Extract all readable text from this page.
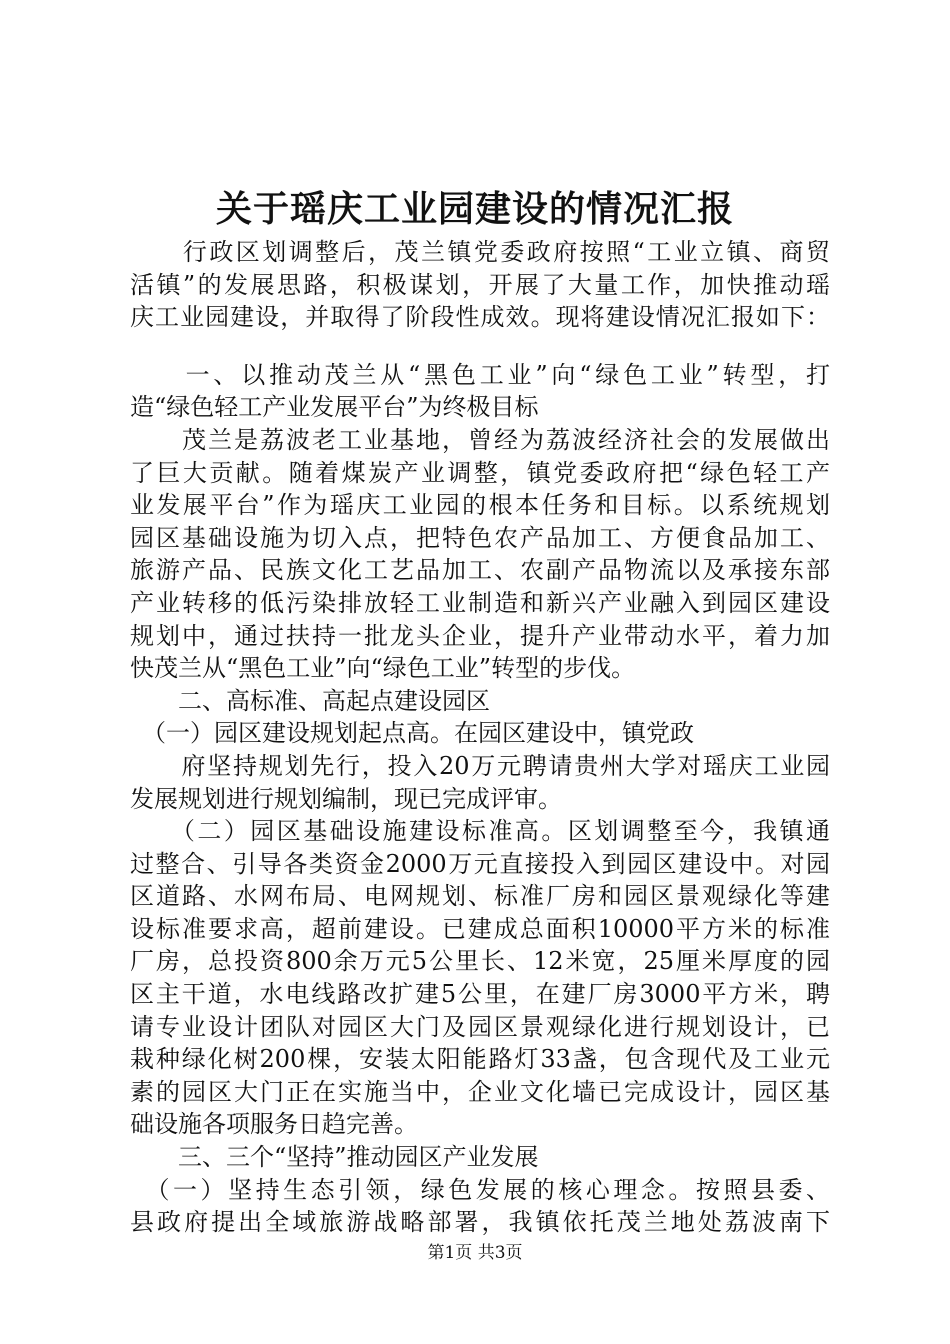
关于瑶庆工业园建设的情况汇报
　　行政区划调整后，茂兰镇党委政府按照“工业立镇、商贸
活镇”的发展思路，积极谋划，开展了大量工作，加快推动瑶
庆工业园建设，并取得了阶段性成效。现将建设情况汇报如下：
　　一、以推动茂兰从“黑色工业”向“绿色工业”转型，打
造“绿色轻工产业发展平台”为终极目标
　　茂兰是荔波老工业基地，曾经为荔波经济社会的发展做出
了巨大贡献。随着煤炭产业调整，镇党委政府把“绿色轻工产
业发展平台”作为瑶庆工业园的根本任务和目标。以系统规划
园区基础设施为切入点，把特色农产品加工、方便食品加工、
旅游产品、民族文化工艺品加工、农副产品物流以及承接东部
产业转移的低污染排放轻工业制造和新兴产业融入到园区建设
规划中，通过扶持一批龙头企业，提升产业带动水平，着力加
快茂兰从“黑色工业”向“绿色工业”转型的步伐。
　　二、高标准、高起点建设园区
　（一）园区建设规划起点高。在园区建设中，镇党政
　　府坚持规划先行，投入20万元聘请贵州大学对瑶庆工业园
发展规划进行规划编制，现已完成评审。
　　（二）园区基础设施建设标准高。区划调整至今，我镇通
过整合、引导各类资金2000万元直接投入到园区建设中。对园
区道路、水网布局、电网规划、标准厂房和园区景观绿化等建
设标准要求高，超前建设。已建成总面积10000平方米的标准
厂房，总投资800余万元5公里长、12米宽，25厘米厚度的园
区主干道，水电线路改扩建5公里，在建厂房3000平方米，聘
请专业设计团队对园区大门及园区景观绿化进行规划设计，已
栽种绿化树200棵，安装太阳能路灯33盏，包含现代及工业元
素的园区大门正在实施当中，企业文化墙已完成设计，园区基
础设施各项服务日趋完善。
　　三、三个“坚持”推动园区产业发展
　（一）坚持生态引领，绿色发展的核心理念。按照县委、
县政府提出全域旅游战略部署，我镇依托茂兰地处荔波南下
第1页 共3页
